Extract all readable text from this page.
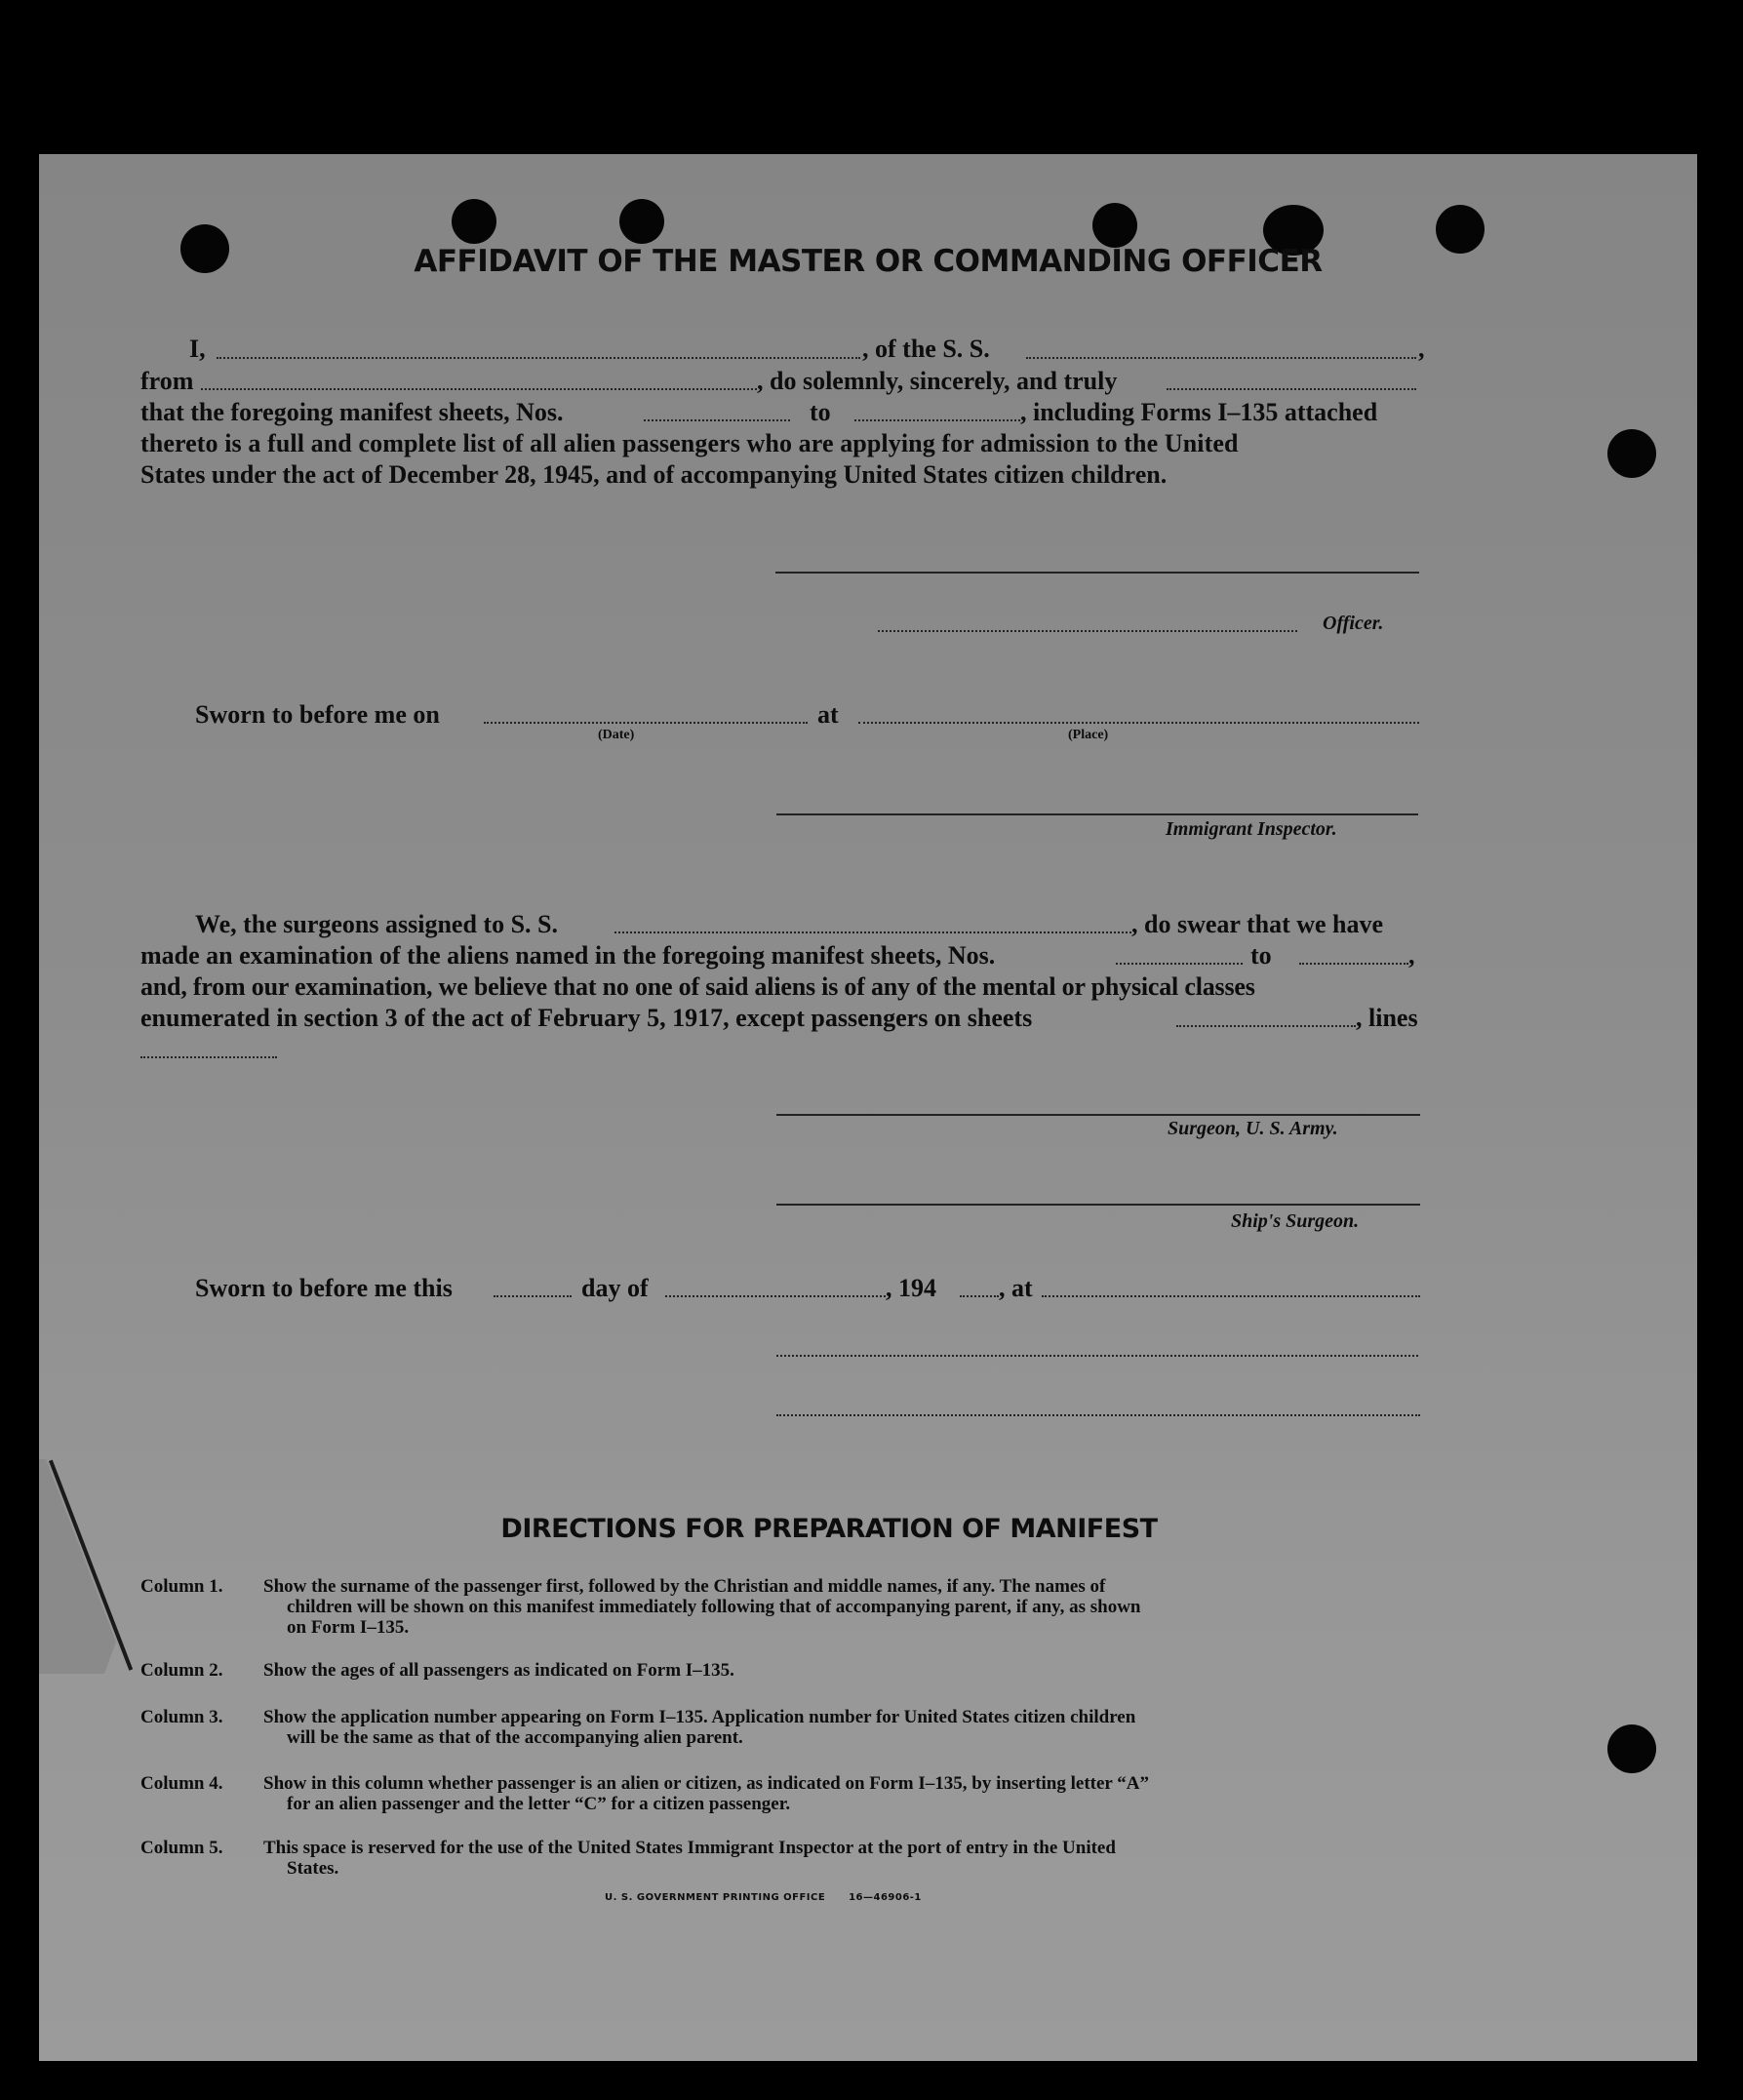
AFFIDAVIT OF THE MASTER OR COMMANDING OFFICER
I,	, of the S. S.	,
from	, do solemnly, sincerely, and truly
that the foregoing manifest sheets, Nos.	to	, including Forms I–135 attached
thereto is a full and complete list of all alien passengers who are applying for admission to the United
States under the act of December 28, 1945, and of accompanying United States citizen children.
Officer.
Sworn to before me on
(Date)
at
(Place)
Immigrant Inspector.
We, the surgeons assigned to S. S.	, do swear that we have
made an examination of the aliens named in the foregoing manifest sheets, Nos.	to	,
and, from our examination, we believe that no one of said aliens is of any of the mental or physical classes
enumerated in section 3 of the act of February 5, 1917, except passengers on sheets	, lines
Surgeon, U. S. Army.
Ship's Surgeon.
Sworn to before me this	day of	, 194 , at
DIRECTIONS FOR PREPARATION OF MANIFEST
Column 1. Show the surname of the passenger first, followed by the Christian and middle names, if any. The names of
children will be shown on this manifest immediately following that of accompanying parent, if any, as shown
on Form I–135.
Column 2. Show the ages of all passengers as indicated on Form I–135.
Column 3. Show the application number appearing on Form I–135. Application number for United States citizen children
will be the same as that of the accompanying alien parent.
Column 4. Show in this column whether passenger is an alien or citizen, as indicated on Form I–135, by inserting letter “A”
for an alien passenger and the letter “C” for a citizen passenger.
Column 5. This space is reserved for the use of the United States Immigrant Inspector at the port of entry in the United
States.
U. S. GOVERNMENT PRINTING OFFICE      16—46906-1
